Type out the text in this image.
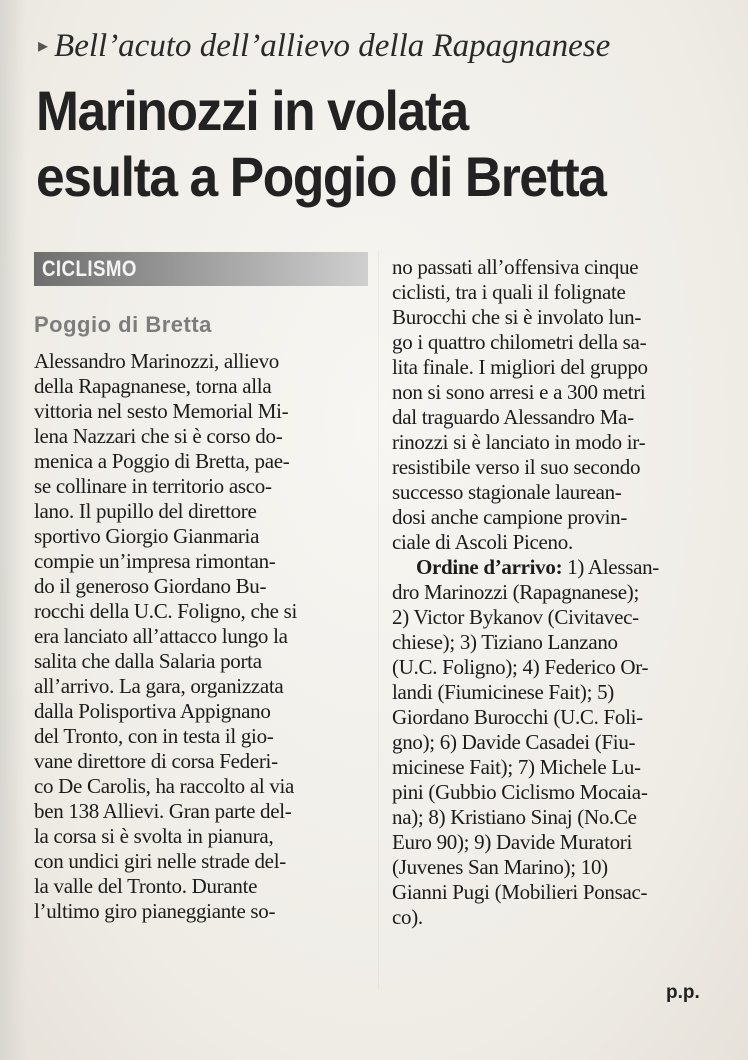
▸ Bell’acuto dell’allievo della Rapagnanese
Marinozzi in volata
esulta a Poggio di Bretta
CICLISMO
Poggio di Bretta
Alessandro Marinozzi, allievo
della Rapagnanese, torna alla
vittoria nel sesto Memorial Mi-
lena Nazzari che si è corso do-
menica a Poggio di Bretta, pae-
se collinare in territorio asco-
lano. Il pupillo del direttore
sportivo Giorgio Gianmaria
compie un’impresa rimontan-
do il generoso Giordano Bu-
rocchi della U.C. Foligno, che si
era lanciato all’attacco lungo la
salita che dalla Salaria porta
all’arrivo. La gara, organizzata
dalla Polisportiva Appignano
del Tronto, con in testa il gio-
vane direttore di corsa Federi-
co De Carolis, ha raccolto al via
ben 138 Allievi. Gran parte del-
la corsa si è svolta in pianura,
con undici giri nelle strade del-
la valle del Tronto. Durante
l’ultimo giro pianeggiante so-
no passati all’offensiva cinque
ciclisti, tra i quali il folignate
Burocchi che si è involato lun-
go i quattro chilometri della sa-
lita finale. I migliori del gruppo
non si sono arresi e a 300 metri
dal traguardo Alessandro Ma-
rinozzi si è lanciato in modo ir-
resistibile verso il suo secondo
successo stagionale laurean-
dosi anche campione provin-
ciale di Ascoli Piceno.
Ordine d’arrivo: 1) Alessan-
dro Marinozzi (Rapagnanese);
2) Victor Bykanov (Civitavec-
chiese); 3) Tiziano Lanzano
(U.C. Foligno); 4) Federico Or-
landi (Fiumicinese Fait); 5)
Giordano Burocchi (U.C. Foli-
gno); 6) Davide Casadei (Fiu-
micinese Fait); 7) Michele Lu-
pini (Gubbio Ciclismo Mocaia-
na); 8) Kristiano Sinaj (No.Ce
Euro 90); 9) Davide Muratori
(Juvenes San Marino); 10)
Gianni Pugi (Mobilieri Ponsac-
co).
p.p.
